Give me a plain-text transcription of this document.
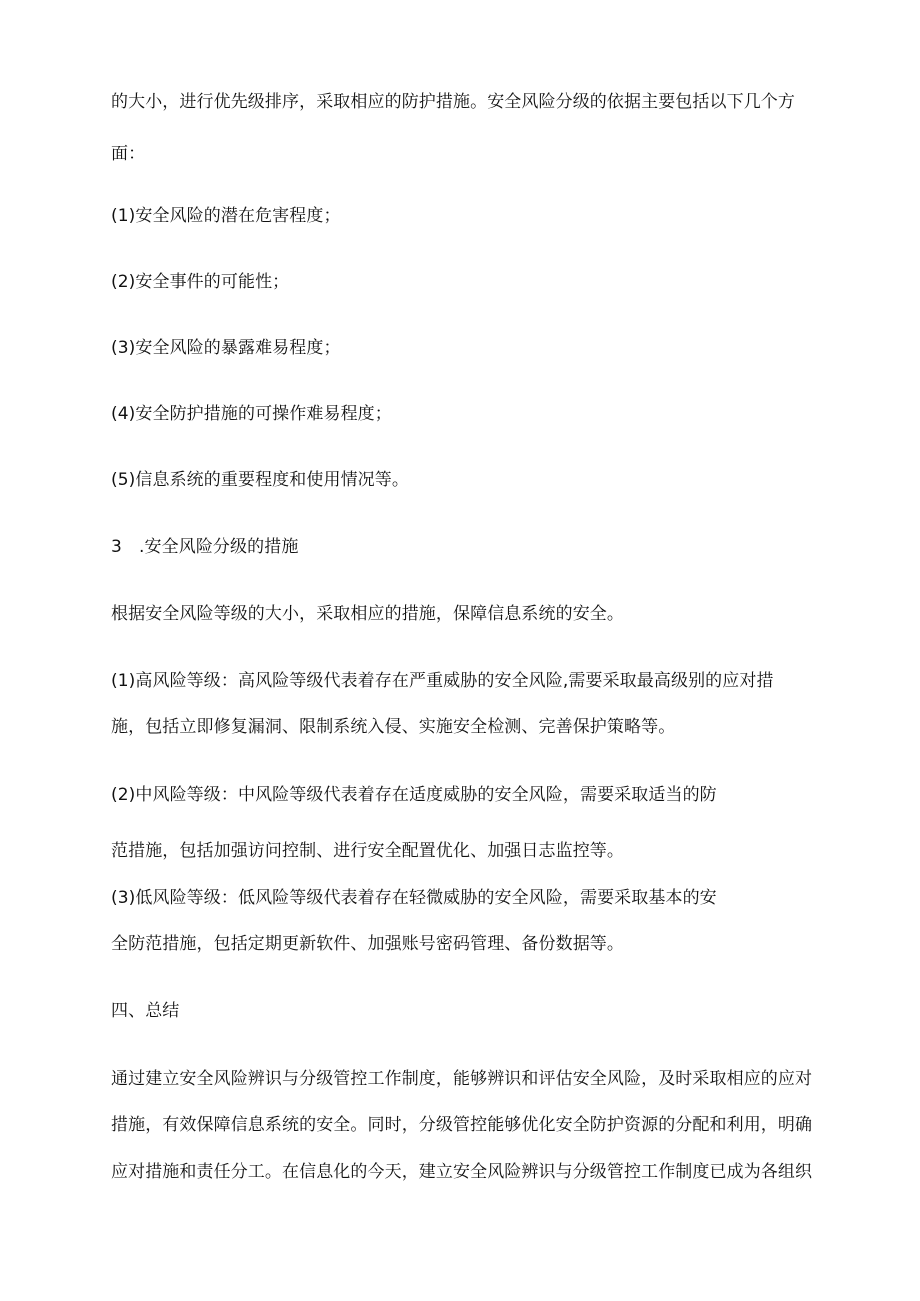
的大小，进行优先级排序，采取相应的防护措施。安全风险分级的依据主要包括以下几个方
面：
(1)安全风险的潜在危害程度；
(2)安全事件的可能性；
(3)安全风险的暴露难易程度；
(4)安全防护措施的可操作难易程度；
(5)信息系统的重要程度和使用情况等。
3　.安全风险分级的措施
根据安全风险等级的大小，采取相应的措施，保障信息系统的安全。
(1)高风险等级：高风险等级代表着存在严重威胁的安全风险,需要采取最高级别的应对措
施，包括立即修复漏洞、限制系统入侵、实施安全检测、完善保护策略等。
(2)中风险等级：中风险等级代表着存在适度威胁的安全风险，需要采取适当的防
范措施，包括加强访问控制、进行安全配置优化、加强日志监控等。
(3)低风险等级：低风险等级代表着存在轻微威胁的安全风险，需要采取基本的安
全防范措施，包括定期更新软件、加强账号密码管理、备份数据等。
四、总结
通过建立安全风险辨识与分级管控工作制度，能够辨识和评估安全风险，及时采取相应的应对
措施，有效保障信息系统的安全。同时，分级管控能够优化安全防护资源的分配和利用，明确
应对措施和责任分工。在信息化的今天，建立安全风险辨识与分级管控工作制度已成为各组织
